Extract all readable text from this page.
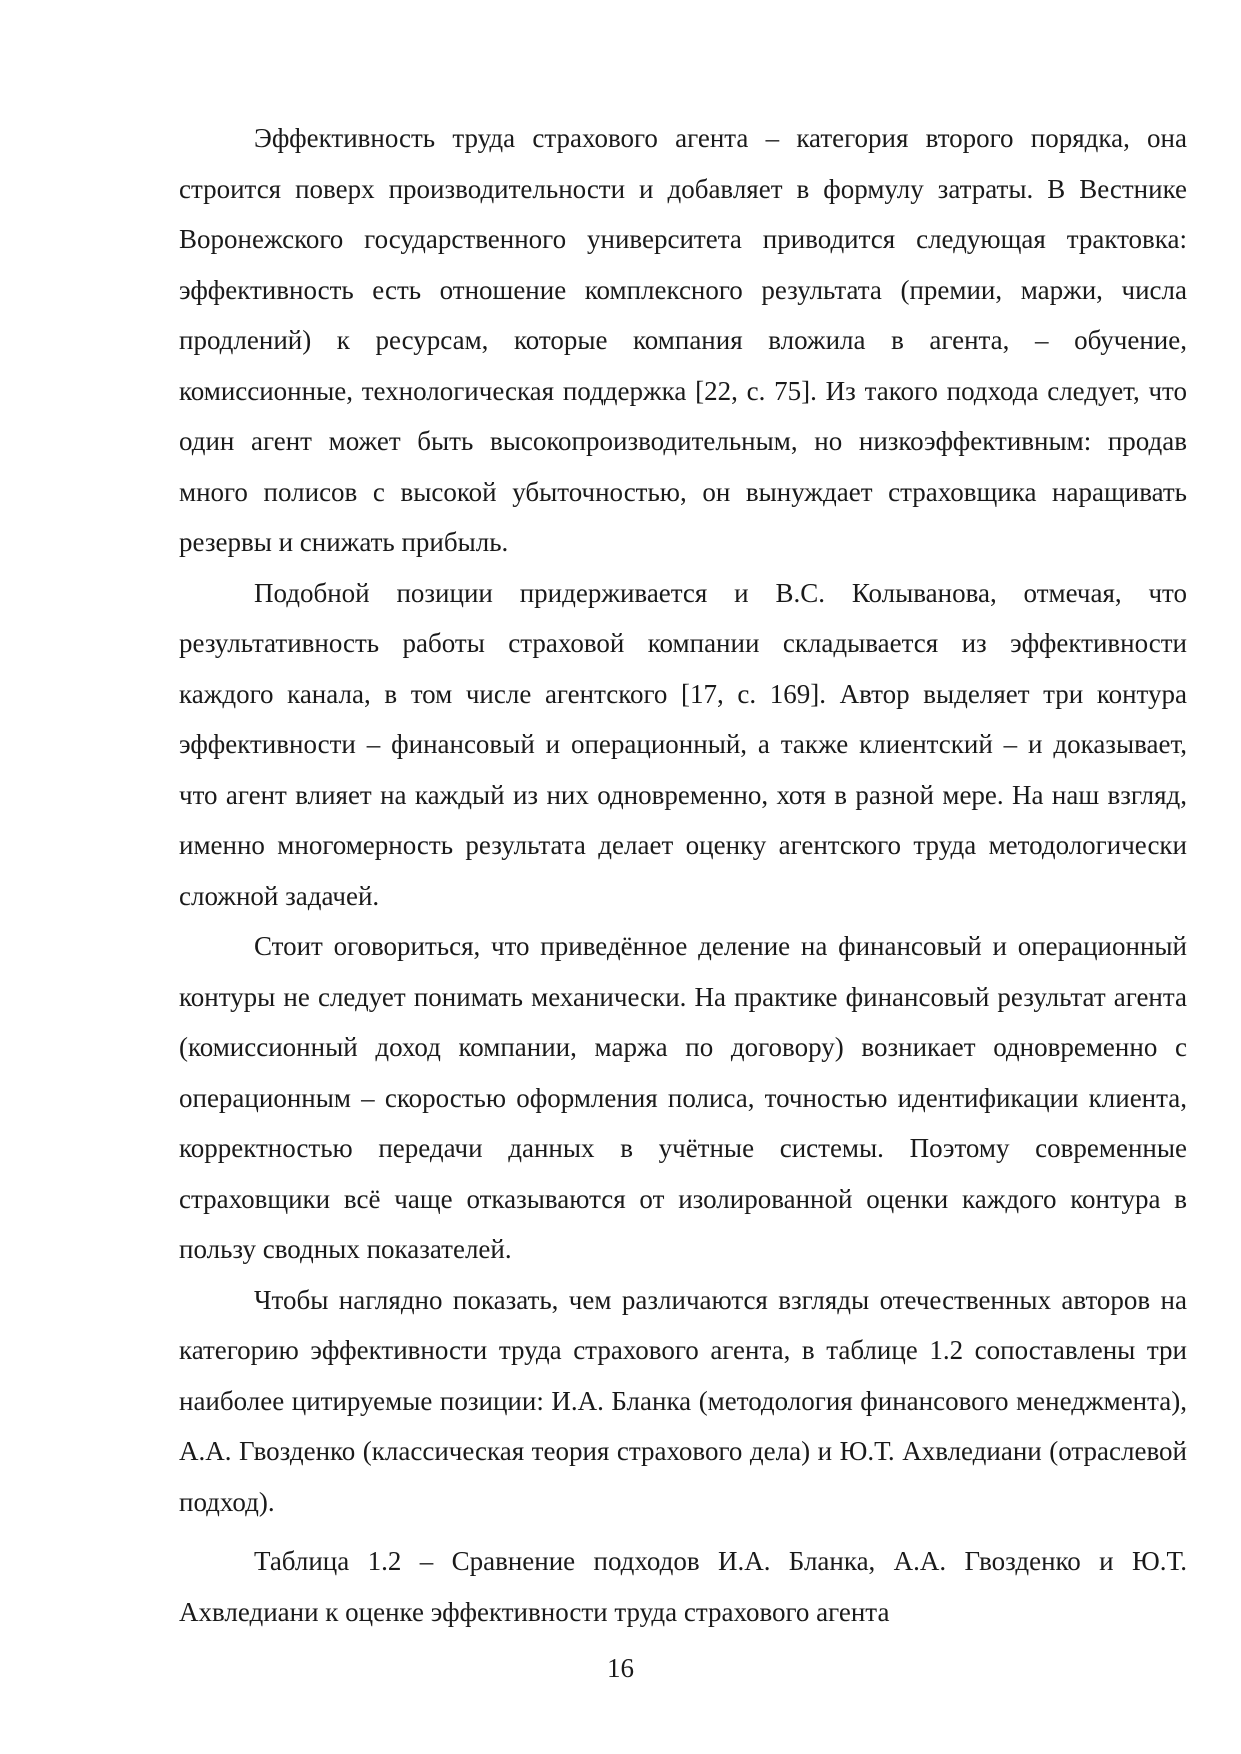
Эффективность труда страхового агента – категория второго порядка, она строится поверх производительности и добавляет в формулу затраты. В Вестнике Воронежского государственного университета приводится следующая трактовка: эффективность есть отношение комплексного результата (премии, маржи, числа продлений) к ресурсам, которые компания вложила в агента, – обучение, комиссионные, технологическая поддержка [22, с. 75]. Из такого подхода следует, что один агент может быть высокопроизводительным, но низкоэффективным: продав много полисов с высокой убыточностью, он вынуждает страховщика наращивать резервы и снижать прибыль.

Подобной позиции придерживается и В.С. Колыванова, отмечая, что результативность работы страховой компании складывается из эффективности каждого канала, в том числе агентского [17, с. 169]. Автор выделяет три контура эффективности – финансовый и операционный, а также клиентский – и доказывает, что агент влияет на каждый из них одновременно, хотя в разной мере. На наш взгляд, именно многомерность результата делает оценку агентского труда методологически сложной задачей.

Стоит оговориться, что приведённое деление на финансовый и операционный контуры не следует понимать механически. На практике финансовый результат агента (комиссионный доход компании, маржа по договору) возникает одновременно с операционным – скоростью оформления полиса, точностью идентификации клиента, корректностью передачи данных в учётные системы. Поэтому современные страховщики всё чаще отказываются от изолированной оценки каждого контура в пользу сводных показателей.

Чтобы наглядно показать, чем различаются взгляды отечественных авторов на категорию эффективности труда страхового агента, в таблице 1.2 сопоставлены три наиболее цитируемые позиции: И.А. Бланка (методология финансового менеджмента), А.А. Гвозденко (классическая теория страхового дела) и Ю.Т. Ахвледиани (отраслевой подход).

Таблица 1.2 – Сравнение подходов И.А. Бланка, А.А. Гвозденко и Ю.Т. Ахвледиани к оценке эффективности труда страхового агента

16
